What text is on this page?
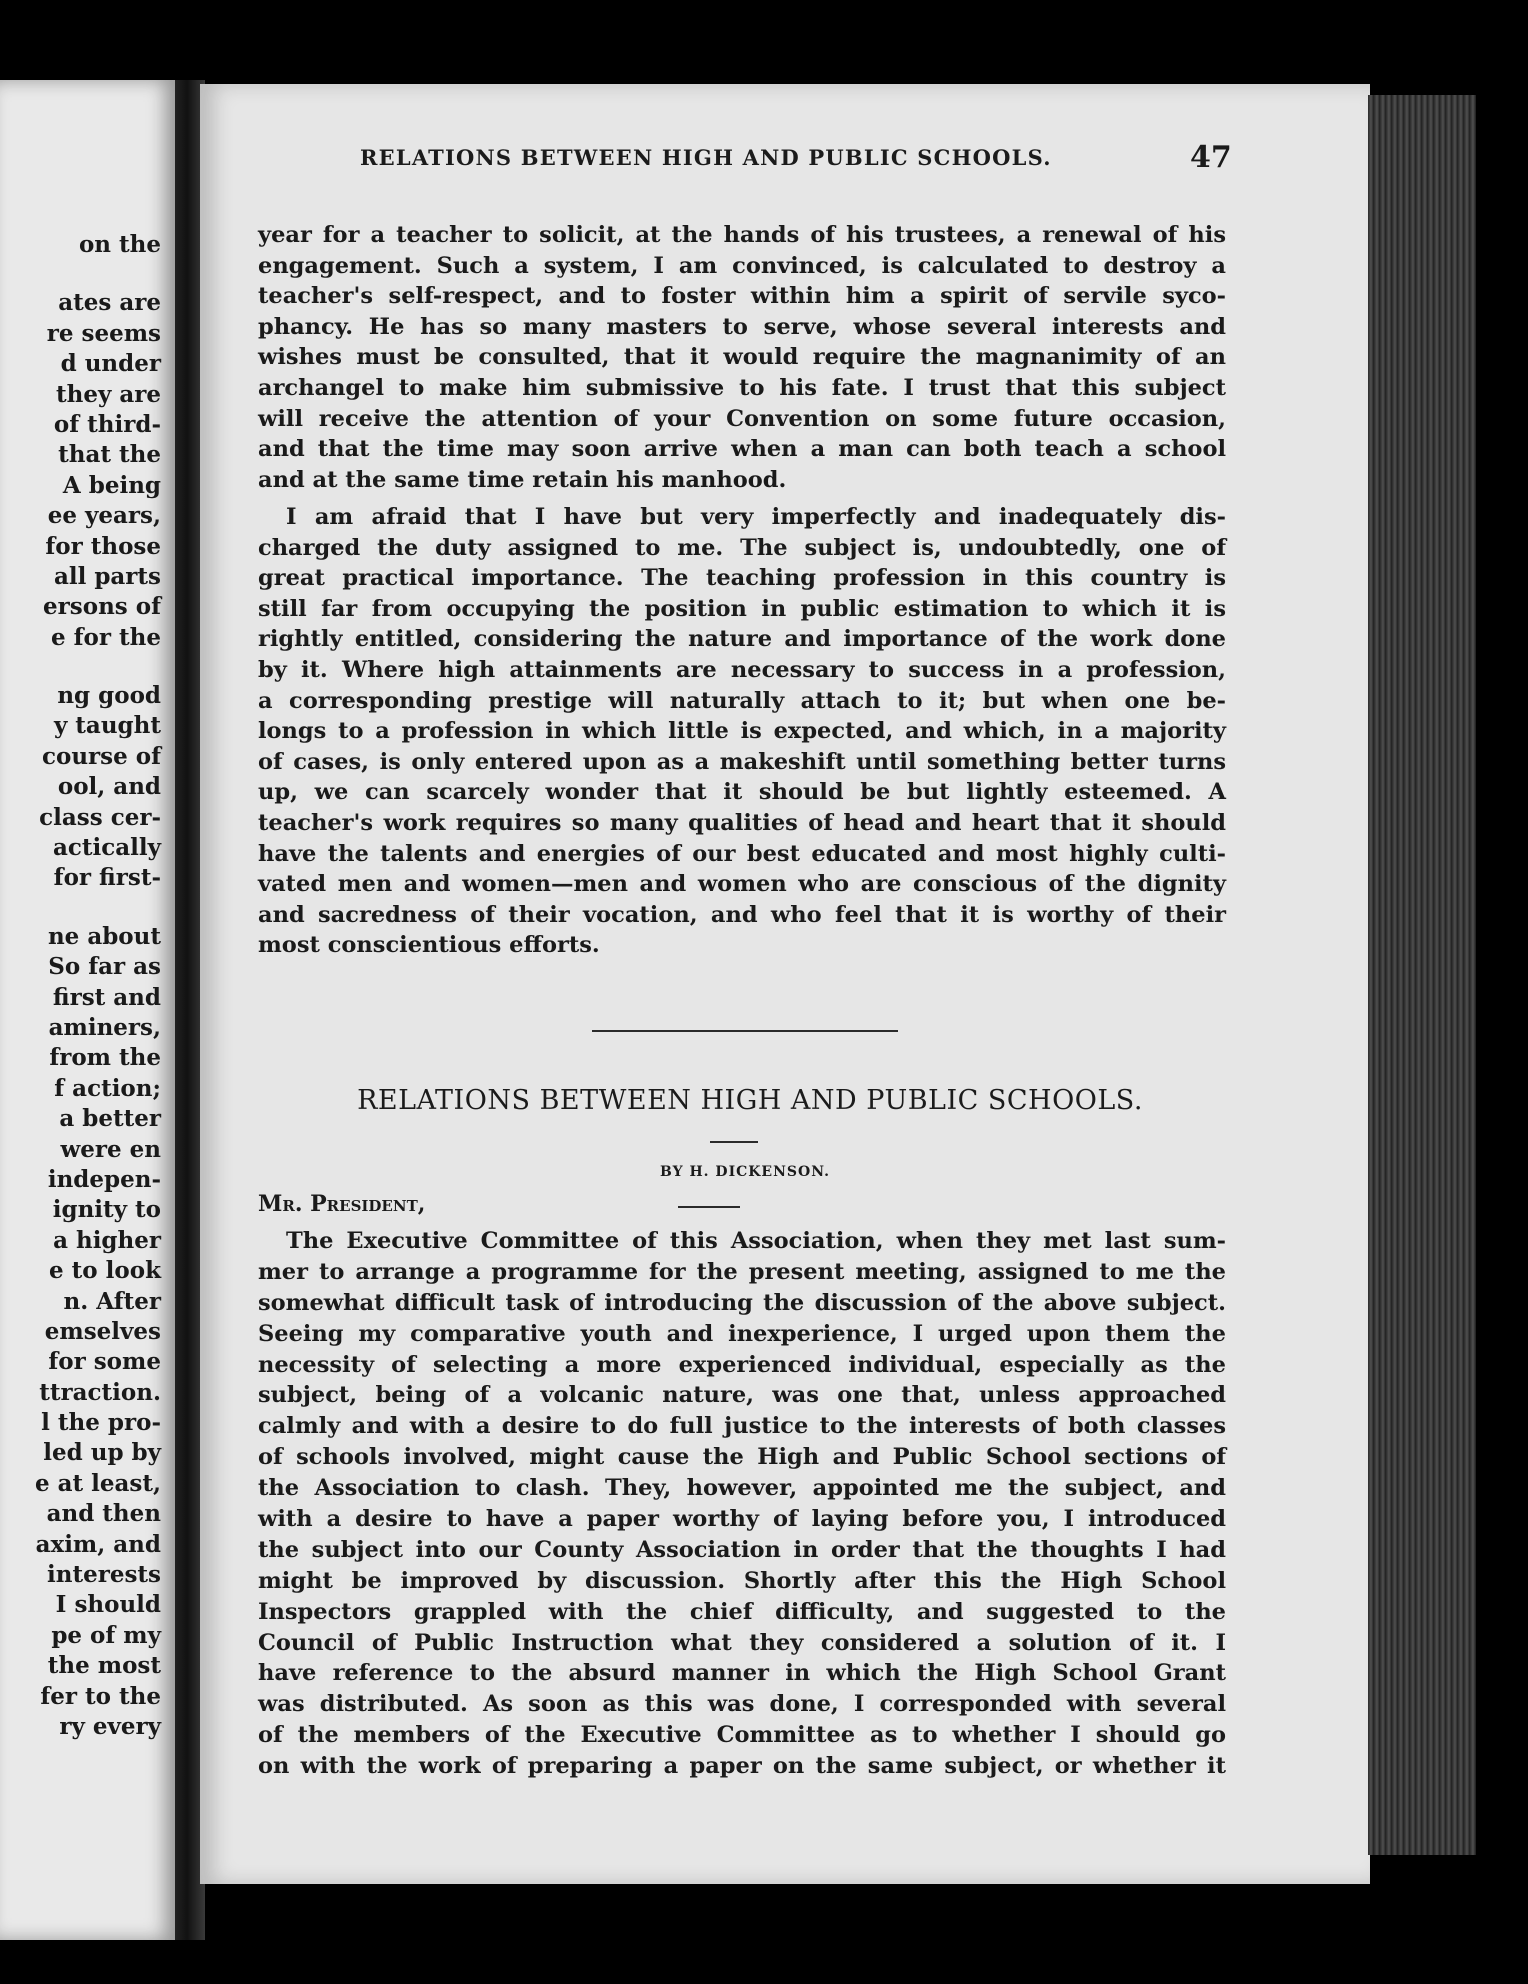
on the
ates are
re seems
d under
they are
of third-
that the
A being
ee years,
for those
all parts
ersons of
e for the
ng good
y taught
course of
ool, and
class cer-
actically
for first-
ne about
So far as
first and
aminers,
from the
f action;
a better
were en
indepen-
ignity to
a higher
e to look
n. After
emselves
for some
ttraction.
l the pro-
led up by
e at least,
and then
axim, and
interests
I should
pe of my
the most
fer to the
ry every
RELATIONS BETWEEN HIGH AND PUBLIC SCHOOLS.	47
year for a teacher to solicit, at the hands of his trustees, a renewal of his
engagement. Such a system, I am convinced, is calculated to destroy a
teacher's self-respect, and to foster within him a spirit of servile syco-
phancy. He has so many masters to serve, whose several interests and
wishes must be consulted, that it would require the magnanimity of an
archangel to make him submissive to his fate. I trust that this subject
will receive the attention of your Convention on some future occasion,
and that the time may soon arrive when a man can both teach a school
and at the same time retain his manhood.
I am afraid that I have but very imperfectly and inadequately dis-
charged the duty assigned to me. The subject is, undoubtedly, one of
great practical importance. The teaching profession in this country is
still far from occupying the position in public estimation to which it is
rightly entitled, considering the nature and importance of the work done
by it. Where high attainments are necessary to success in a profession,
a corresponding prestige will naturally attach to it; but when one be-
longs to a profession in which little is expected, and which, in a majority
of cases, is only entered upon as a makeshift until something better turns
up, we can scarcely wonder that it should be but lightly esteemed. A
teacher's work requires so many qualities of head and heart that it should
have the talents and energies of our best educated and most highly culti-
vated men and women—men and women who are conscious of the dignity
and sacredness of their vocation, and who feel that it is worthy of their
most conscientious efforts.
RELATIONS BETWEEN HIGH AND PUBLIC SCHOOLS.
BY H. DICKENSON.
Mr. President,
The Executive Committee of this Association, when they met last sum-
mer to arrange a programme for the present meeting, assigned to me the
somewhat difficult task of introducing the discussion of the above subject.
Seeing my comparative youth and inexperience, I urged upon them the
necessity of selecting a more experienced individual, especially as the
subject, being of a volcanic nature, was one that, unless approached
calmly and with a desire to do full justice to the interests of both classes
of schools involved, might cause the High and Public School sections of
the Association to clash. They, however, appointed me the subject, and
with a desire to have a paper worthy of laying before you, I introduced
the subject into our County Association in order that the thoughts I had
might be improved by discussion. Shortly after this the High School
Inspectors grappled with the chief difficulty, and suggested to the
Council of Public Instruction what they considered a solution of it. I
have reference to the absurd manner in which the High School Grant
was distributed. As soon as this was done, I corresponded with several
of the members of the Executive Committee as to whether I should go
on with the work of preparing a paper on the same subject, or whether it
